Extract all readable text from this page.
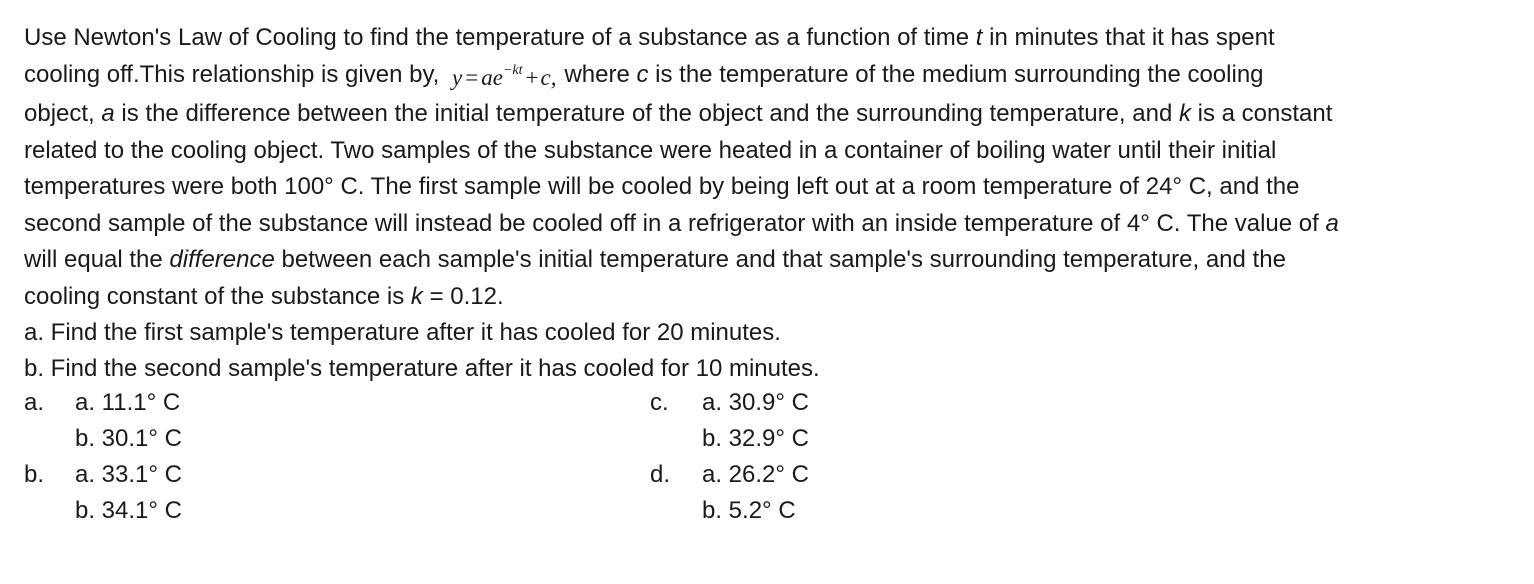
Use Newton's Law of Cooling to find the temperature of a substance as a function of time t in minutes that it has spent
cooling off.This relationship is given by, $y = ae^{-kt} +c$, where c is the temperature of the medium surrounding the cooling
object, a is the difference between the initial temperature of the object and the surrounding temperature, and k is a constant
related to the cooling object. Two samples of the substance were heated in a container of boiling water until their initial
temperatures were both 100° C. The first sample will be cooled by being left out at a room temperature of 24° C, and the
second sample of the substance will instead be cooled off in a refrigerator with an inside temperature of 4° C. The value of a
will equal the difference between each sample's initial temperature and that sample's surrounding temperature, and the
cooling constant of the substance is k = 0.12.
a. Find the first sample's temperature after it has cooled for 20 minutes.
b. Find the second sample's temperature after it has cooled for 10 minutes.
a. a. 11.1° C
b. 30.1° C
b. a. 33.1° C
b. 34.1° C
c. a. 30.9° C
b. 32.9° C
d. a. 26.2° C
b. 5.2° C
